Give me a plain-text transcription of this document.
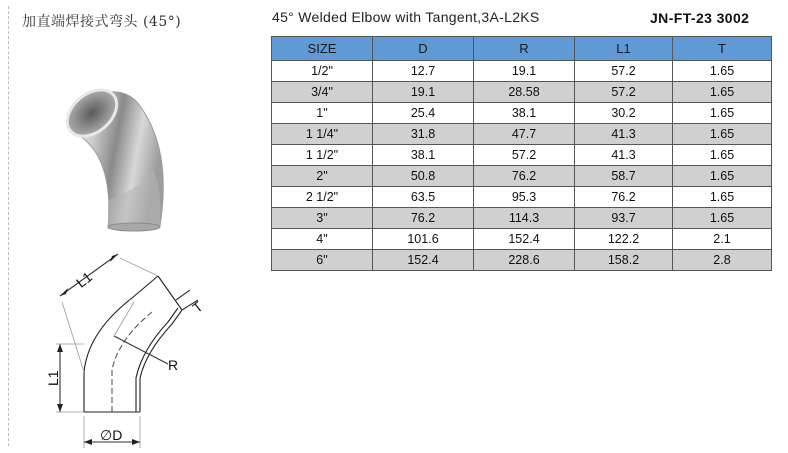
加直端焊接式弯头 (45°)	45° Welded Elbow with Tangent,3A-L2KS	JN-FT-23 3002
L1
T
R
L1
∅D
SIZE	D	R	L1	T
1/2"	12.7	19.1	57.2	1.65
3/4"	19.1	28.58	57.2	1.65
1"	25.4	38.1	30.2	1.65
1 1/4"	31.8	47.7	41.3	1.65
1 1/2"	38.1	57.2	41.3	1.65
2"	50.8	76.2	58.7	1.65
2 1/2"	63.5	95.3	76.2	1.65
3"	76.2	114.3	93.7	1.65
4"	101.6	152.4	122.2	2.1
6"	152.4	228.6	158.2	2.8
